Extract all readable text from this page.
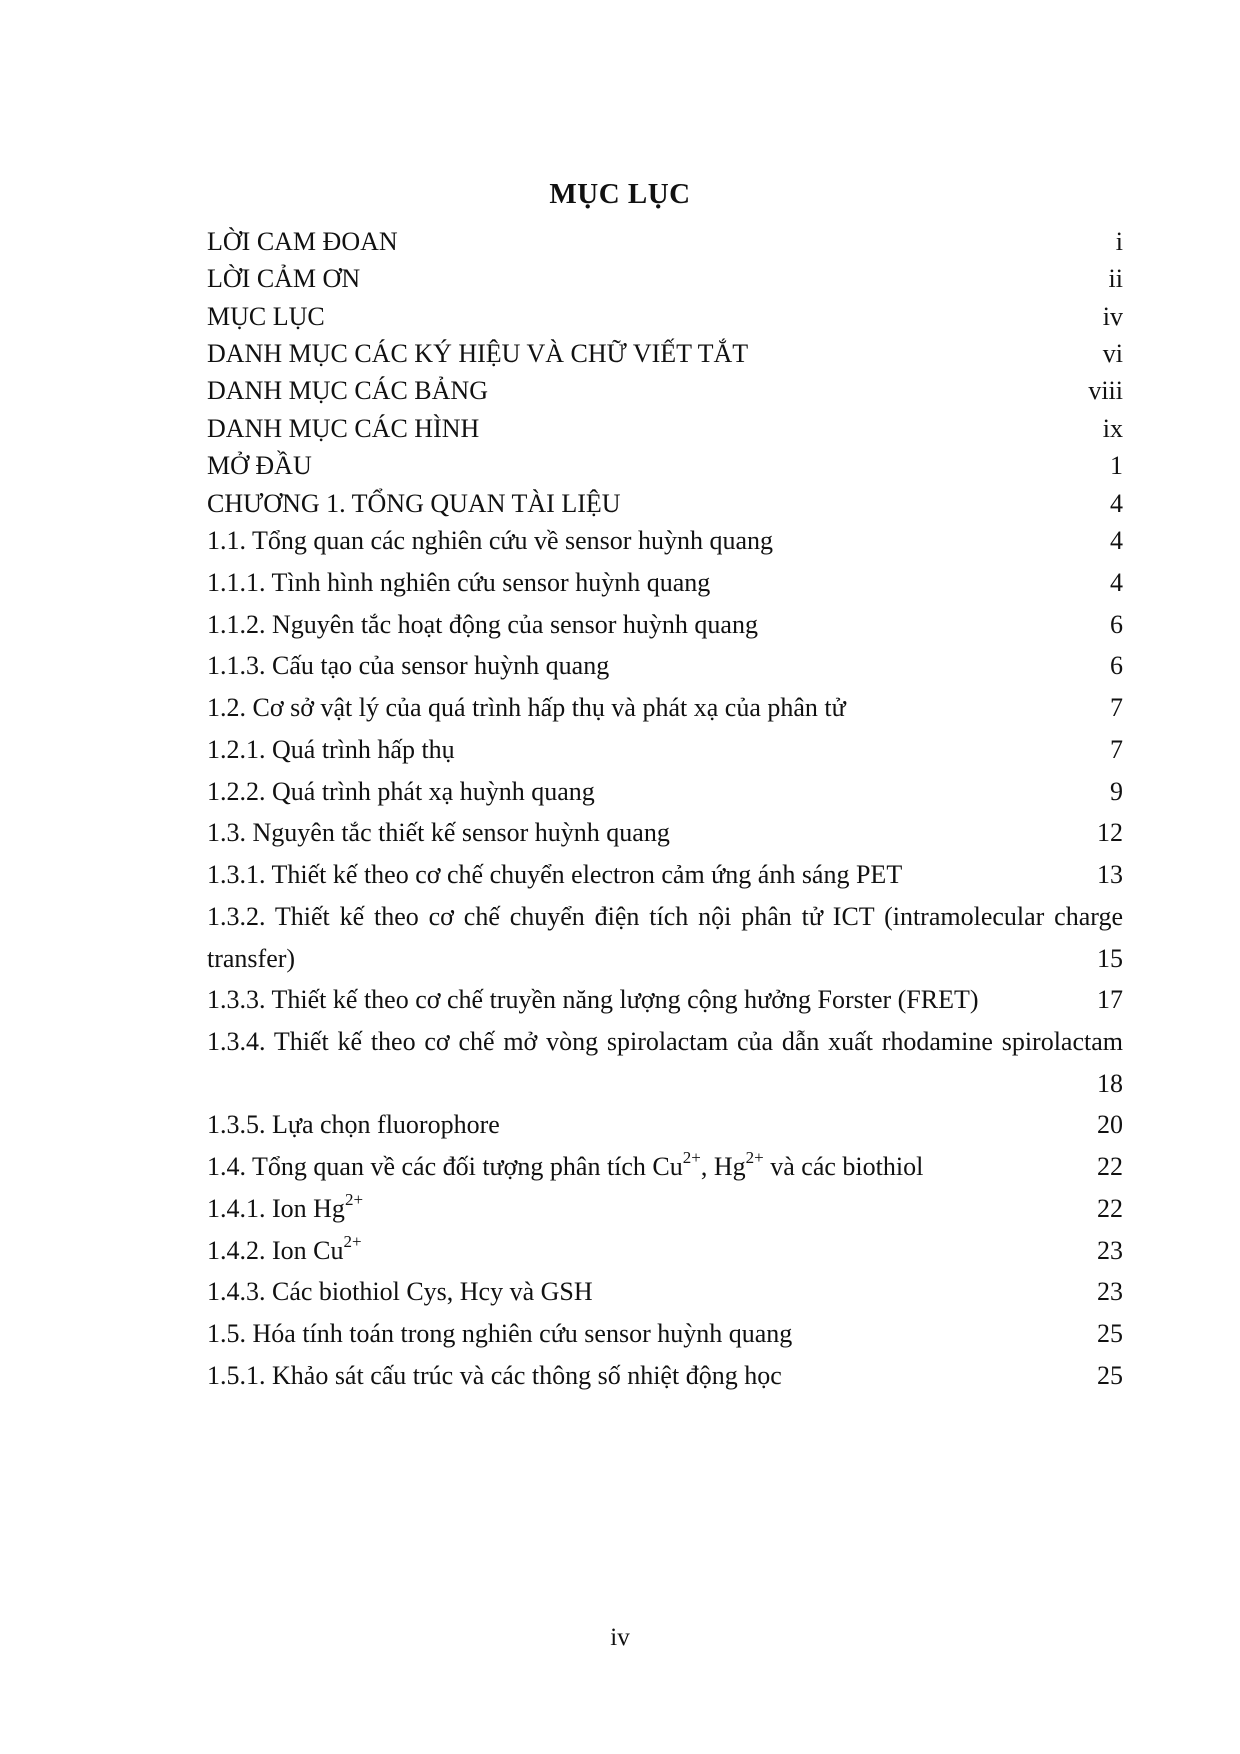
MỤC LỤC
LỜI CAM ĐOAN	i
LỜI CẢM ƠN	ii
MỤC LỤC	iv
DANH MỤC CÁC KÝ HIỆU VÀ CHỮ VIẾT TẮT	vi
DANH MỤC CÁC BẢNG	viii
DANH MỤC CÁC HÌNH	ix
MỞ ĐẦU	1
CHƯƠNG 1. TỔNG QUAN TÀI LIỆU	4
1.1. Tổng quan các nghiên cứu về sensor huỳnh quang	4
1.1.1. Tình hình nghiên cứu sensor huỳnh quang	4
1.1.2. Nguyên tắc hoạt động của sensor huỳnh quang	6
1.1.3. Cấu tạo của sensor huỳnh quang	6
1.2. Cơ sở vật lý của quá trình hấp thụ và phát xạ của phân tử	7
1.2.1. Quá trình hấp thụ	7
1.2.2. Quá trình phát xạ huỳnh quang	9
1.3. Nguyên tắc thiết kế sensor huỳnh quang	12
1.3.1. Thiết kế theo cơ chế chuyển electron cảm ứng ánh sáng PET	13
1.3.2. Thiết kế theo cơ chế chuyển điện tích nội phân tử ICT (intramolecular charge
transfer)	15
1.3.3. Thiết kế theo cơ chế truyền năng lượng cộng hưởng Forster (FRET)	17
1.3.4. Thiết kế theo cơ chế mở vòng spirolactam của dẫn xuất rhodamine spirolactam
18
1.3.5. Lựa chọn fluorophore	20
1.4. Tổng quan về các đối tượng phân tích $Cu^{2+}$, $Hg^{2+}$ và các biothiol	22
1.4.1. Ion $Hg^{2+}$	22
1.4.2. Ion $Cu^{2+}$	23
1.4.3. Các biothiol Cys, Hcy và GSH	23
1.5. Hóa tính toán trong nghiên cứu sensor huỳnh quang	25
1.5.1. Khảo sát cấu trúc và các thông số nhiệt động học	25
iv
